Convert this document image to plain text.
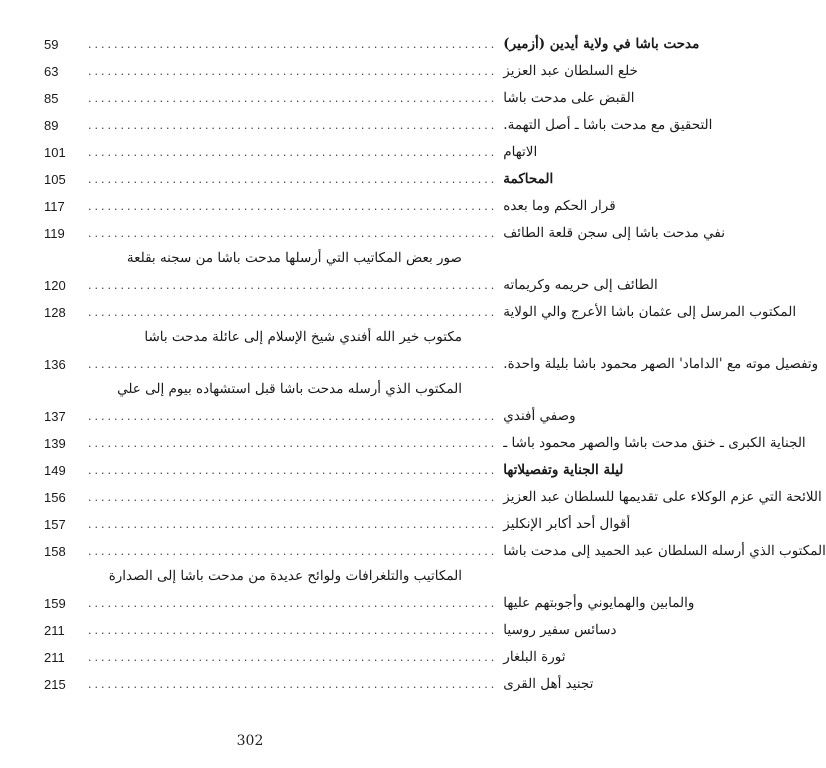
59	............................................................... مدحت باشا في ولاية أيدين (أزمير)
63	............................................................... خلع السلطان عبد العزيز
85	............................................................... القبض على مدحت باشا
89	............................................................... التحقيق مع مدحت باشا ـ أصل التهمة.
101	............................................................... الاتهام
105	............................................................... المحاكمة
117	............................................................... قرار الحكم وما بعده
119	............................................................... نفي مدحت باشا إلى سجن قلعة الطائف
صور بعض المكاتيب التي أرسلها مدحت باشا من سجنه بقلعة
120	............................................................... الطائف إلى حريمه وكريماته
128	............................................................... المكتوب المرسل إلى عثمان باشا الأعرج والي الولاية
مكتوب خير الله أفندي شيخ الإسلام إلى عائلة مدحت باشا
136	............................................................... وتفصيل موته مع 'الداماد' الصهر محمود باشا بليلة واحدة.
المكتوب الذي أرسله مدحت باشا قبل استشهاده بيوم إلى علي
137	............................................................... وصفي أفندي
139	............................................................... الجناية الكبرى ـ خنق مدحت باشا والصهر محمود باشا ـ
149	............................................................... ليلة الجناية وتفصيلاتها
156	............................................................... اللائحة التي عزم الوكلاء على تقديمها للسلطان عبد العزيز
157	............................................................... أقوال أحد أكابر الإنكليز
158	............................................................... المكتوب الذي أرسله السلطان عبد الحميد إلى مدحت باشا
المكاتيب والتلغرافات ولوائح عديدة من مدحت باشا إلى الصدارة
159	............................................................... والمابين والهمايوني وأجوبتهم عليها
211	............................................................... دسائس سفير روسيا
211	............................................................... ثورة البلغار
215	............................................................... تجنيد أهل القرى
302
